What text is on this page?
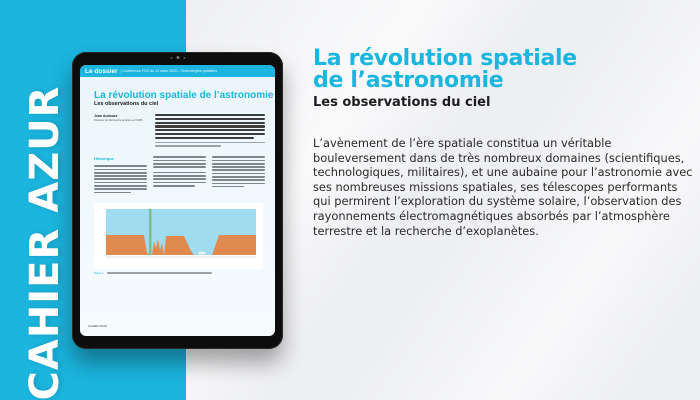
CAHIER AZUR
Le dossier | Conférence FDS du 11 mars 2020 – Technologies spatiales
La révolution spatiale de l’astronomie
Les observations du ciel
Jean Audouze
Directeur de Recherche émérite au CNRS
Historique
Figure 1
CAHIER AZUR
La révolution spatiale de l’astronomie
Les observations du ciel
L’avènement de l’ère spatiale constitua un véritable bouleversement dans de très nombreux domaines (scientifiques, technologiques, militaires), et une aubaine pour l’astronomie avec ses nombreuses missions spatiales, ses télescopes performants qui permirent l’exploration du système solaire, l’observation des rayonnements électromagnétiques absorbés par l’atmosphère terrestre et la recherche d’exoplanètes.
